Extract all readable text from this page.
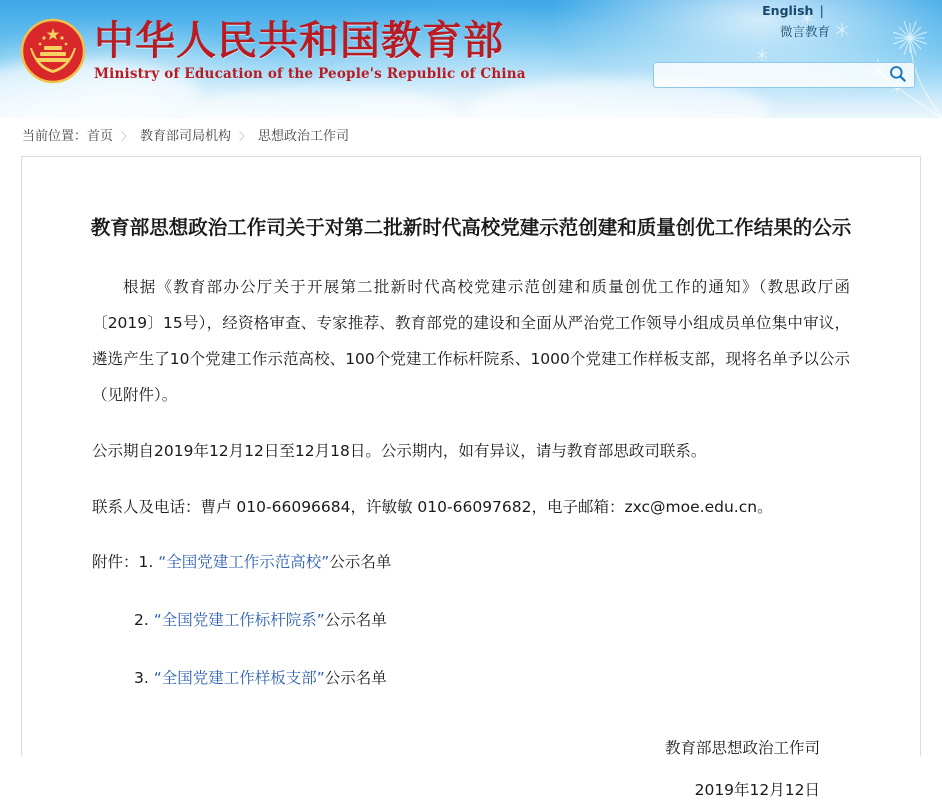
中华人民共和国教育部
Ministry of Education of the People's Republic of China
English |
微言教育
当前位置：首页 〉 教育部司局机构 〉 思想政治工作司
教育部思想政治工作司关于对第二批新时代高校党建示范创建和质量创优工作结果的公示

根据《教育部办公厅关于开展第二批新时代高校党建示范创建和质量创优工作的通知》（教思政厅函〔2019〕15号），经资格审查、专家推荐、教育部党的建设和全面从严治党工作领导小组成员单位集中审议，遴选产生了10个党建工作示范高校、100个党建工作标杆院系、1000个党建工作样板支部，现将名单予以公示（见附件）。

公示期自2019年12月12日至12月18日。公示期内，如有异议，请与教育部思政司联系。

联系人及电话：曹卢 010-66096684，许敏敏 010-66097682，电子邮箱：zxc@moe.edu.cn。

附件：1. “全国党建工作示范高校”公示名单
2. “全国党建工作标杆院系”公示名单
3. “全国党建工作样板支部”公示名单
教育部思想政治工作司
2019年12月12日
